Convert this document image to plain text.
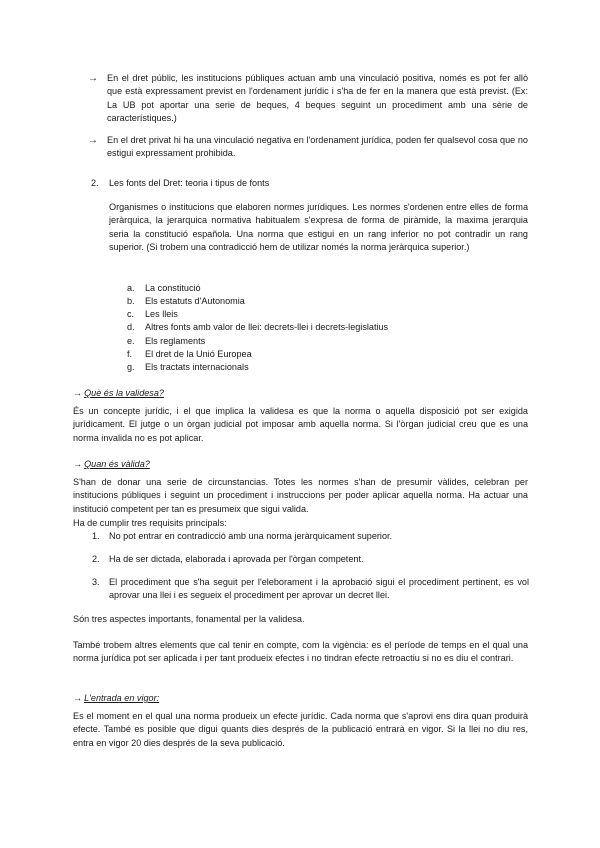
→ En el dret públic, les institucions públiques actuan amb una vinculació positiva, només es pot fer allò que està expressament previst en l'ordenament jurídic i s'ha de fer en la manera que està previst. (Ex: La UB pot aportar una serie de beques, 4 beques seguint un procediment amb una sèrie de característiques.)

→ En el dret privat hi ha una vinculació negativa en l'ordenament jurídica, poden fer qualsevol cosa que no estigui expressament prohibida.

2. Les fonts del Dret: teoria i tipus de fonts

Organismes o institucions que elaboren normes jurídiques. Les normes s'ordenen entre elles de forma jeràrquica, la jerarquica normativa habitualem s'expresa de forma de piràmide, la maxima jerarquia seria la constitució española. Una norma que estigui en un rang inferior no pot contradir un rang superior. (Si trobem una contradicció hem de utilizar només la norma jeràrquica superior.)

a.	La constitució
b.	Els estatuts d'Autonomia
c.	Les lleis
d.	Altres fonts amb valor de llei: decrets-llei i decrets-legislatius
e.	Els reglaments
f.	El dret de la Unió Europea
g.	Els tractats internacionals
→ Què és la validesa?

És un concepte jurídic, i el que implica la validesa es que la norma o aquella disposició pot ser exigida jurídicament. El jutge o un òrgan judicial pot imposar amb aquella norma. Si l'òrgan judicial creu que es una norma invalida no es pot aplicar.

→ Quan és vàlida?

S'han de donar una serie de circunstancias. Totes les normes s'han de presumir vàlides, celebran per institucions públiques i seguint un procediment i instruccions per poder aplicar aquella norma. Ha actuar una institució competent per tan es presumeix que sigui valida.

Ha de cumplir tres requisits principals:

1. No pot entrar en contradicció amb una norma jeràrquicament superior.
2. Ha de ser dictada, elaborada i aprovada per l'òrgan competent.
3. El procediment que s'ha seguit per l'eleborament i la aprobació sigui el procediment pertinent, es vol aprovar una llei i es segueix el procediment per aprovar un decret llei.

Són tres aspectes importants, fonamental per la validesa.

També trobem altres elements que cal tenir en compte, com la vigència: es el període de temps en el qual una norma jurídica pot ser aplicada i per tant produeix efectes i no tindran efecte retroactiu si no es diu el contrari.

→ L'entrada en vigor:

Es el moment en el qual una norma produeix un efecte jurídic. Cada norma que s'aprovi ens dira quan produirà efecte. També es posible que digui quants dies després de la publicació entrarà en vigor. Si la llei no diu res, entra en vigor 20 dies després de la seva publicació.
